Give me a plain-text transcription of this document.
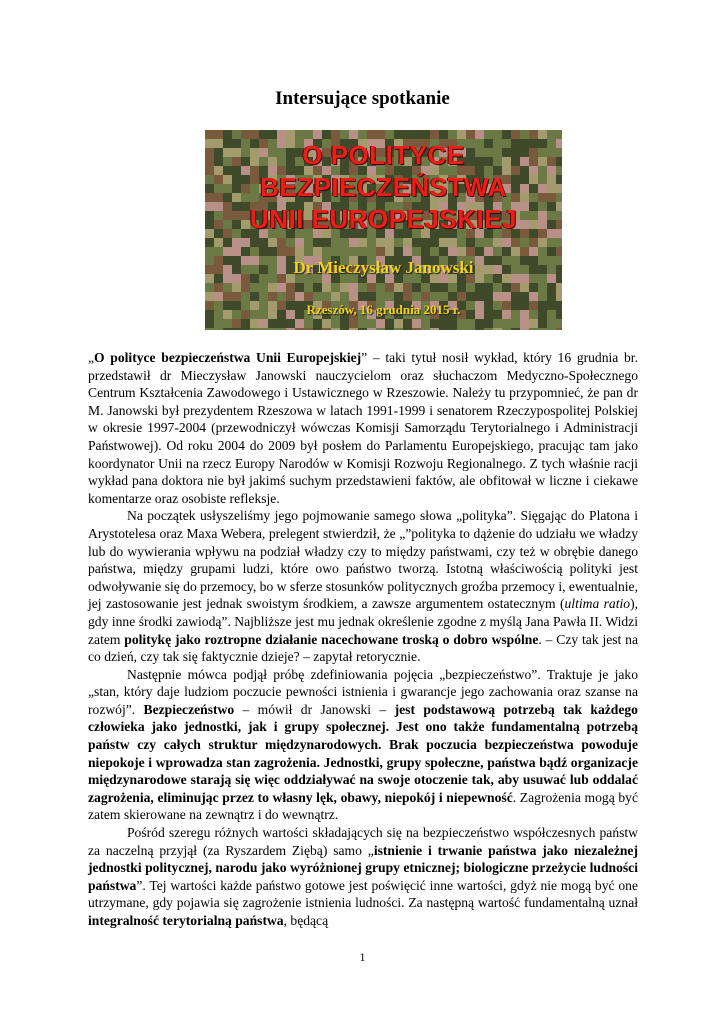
Intersujące spotkanie
O POLITYCE
BEZPIECZEŃSTWA
UNII EUROPEJSKIEJ
Dr Mieczysław Janowski
Rzeszów, 16 grudnia 2015 r.

„O polityce bezpieczeństwa Unii Europejskiej” – taki tytuł nosił wykład, który 16 grudnia br. przedstawił dr Mieczysław Janowski nauczycielom oraz słuchaczom Medyczno-Społecznego Centrum Kształcenia Zawodowego i Ustawicznego w Rzeszowie. Należy tu przypomnieć, że pan dr M. Janowski był prezydentem Rzeszowa w latach 1991-1999 i senatorem Rzeczypospolitej Polskiej w okresie 1997-2004 (przewodniczył wówczas Komisji Samorządu Terytorialnego i Administracji Państwowej). Od roku 2004 do 2009 był posłem do Parlamentu Europejskiego, pracując tam jako koordynator Unii na rzecz Europy Narodów w Komisji Rozwoju Regionalnego. Z tych właśnie racji wykład pana doktora nie był jakimś suchym przedstawieni faktów, ale obfitował w liczne i ciekawe komentarze oraz osobiste refleksje.

Na początek usłyszeliśmy jego pojmowanie samego słowa „polityka”. Sięgając do Platona i Arystotelesa oraz Maxa Webera, prelegent stwierdził, że „”polityka to dążenie do udziału we władzy lub do wywierania wpływu na podział władzy czy to między państwami, czy też w obrębie danego państwa, między grupami ludzi, które owo państwo tworzą. Istotną właściwością polityki jest odwoływanie się do przemocy, bo w sferze stosunków politycznych groźba przemocy i, ewentualnie, jej zastosowanie jest jednak swoistym środkiem, a zawsze argumentem ostatecznym (ultima ratio), gdy inne środki zawiodą”. Najbliższe jest mu jednak określenie zgodne z myślą Jana Pawła II. Widzi zatem politykę jako roztropne działanie nacechowane troską o dobro wspólne. – Czy tak jest na co dzień, czy tak się faktycznie dzieje? – zapytał retorycznie.

Następnie mówca podjął próbę zdefiniowania pojęcia „bezpieczeństwo”. Traktuje je jako „stan, który daje ludziom poczucie pewności istnienia i gwarancje jego zachowania oraz szanse na rozwój”. Bezpieczeństwo – mówił dr Janowski – jest podstawową potrzebą tak każdego człowieka jako jednostki, jak i grupy społecznej. Jest ono także fundamentalną potrzebą państw czy całych struktur międzynarodowych. Brak poczucia bezpieczeństwa powoduje niepokoje i wprowadza stan zagrożenia. Jednostki, grupy społeczne, państwa bądź organizacje międzynarodowe starają się więc oddziaływać na swoje otoczenie tak, aby usuwać lub oddalać zagrożenia, eliminując przez to własny lęk, obawy, niepokój i niepewność. Zagrożenia mogą być zatem skierowane na zewnątrz i do wewnątrz.

Pośród szeregu różnych wartości składających się na bezpieczeństwo współczesnych państw za naczelną przyjął (za Ryszardem Ziębą) samo „istnienie i trwanie państwa jako niezależnej jednostki politycznej, narodu jako wyróżnionej grupy etnicznej; biologiczne przeżycie ludności państwa”. Tej wartości każde państwo gotowe jest poświęcić inne wartości, gdyż nie mogą być one utrzymane, gdy pojawia się zagrożenie istnienia ludności. Za następną wartość fundamentalną uznał integralność terytorialną państwa, będącą

1
